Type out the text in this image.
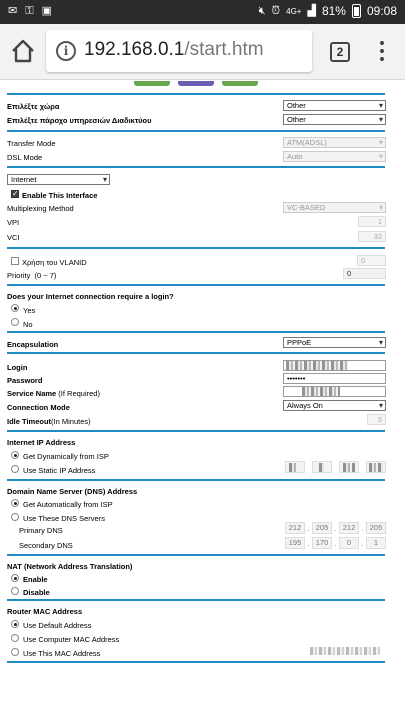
✉ ⚿ ▣	🔇︎ ⏰︎ 4G+ ▟ 81% 09:08
i 192.168.0.1/start.htm	2
Επιλέξτε χώρα	Other ▾
Επιλέξτε πάροχο υπηρεσιών Διαδικτύου	Other ▾
Transfer Mode	ATM(ADSL) ▾
DSL Mode	Auto ▾
Internet ▾
✓
Enable This Interface
Multiplexing Method	VC-BASED ▾
VPI	1
VCI	32
Χρήση του VLANID	0
Priority (0 ~ 7)	0
Does your Internet connection require a login?
Yes
No
Encapsulation	PPPoE ▾
Login
Password	•••••••
Service Name (If Required)
Connection Mode	Always On ▾
Idle Timeout(In Minutes)	5
Internet IP Address
Get Dynamically from ISP
Use Static IP Address
Domain Name Server (DNS) Address
Get Automatically from ISP
Use These DNS Servers
Primary DNS	212 . 205 . 212 . 205
Secondary DNS	195 . 170 .	0	.	1
NAT (Network Address Translation)
Enable
Disable
Router MAC Address
Use Default Address
Use Computer MAC Address
Use This MAC Address
